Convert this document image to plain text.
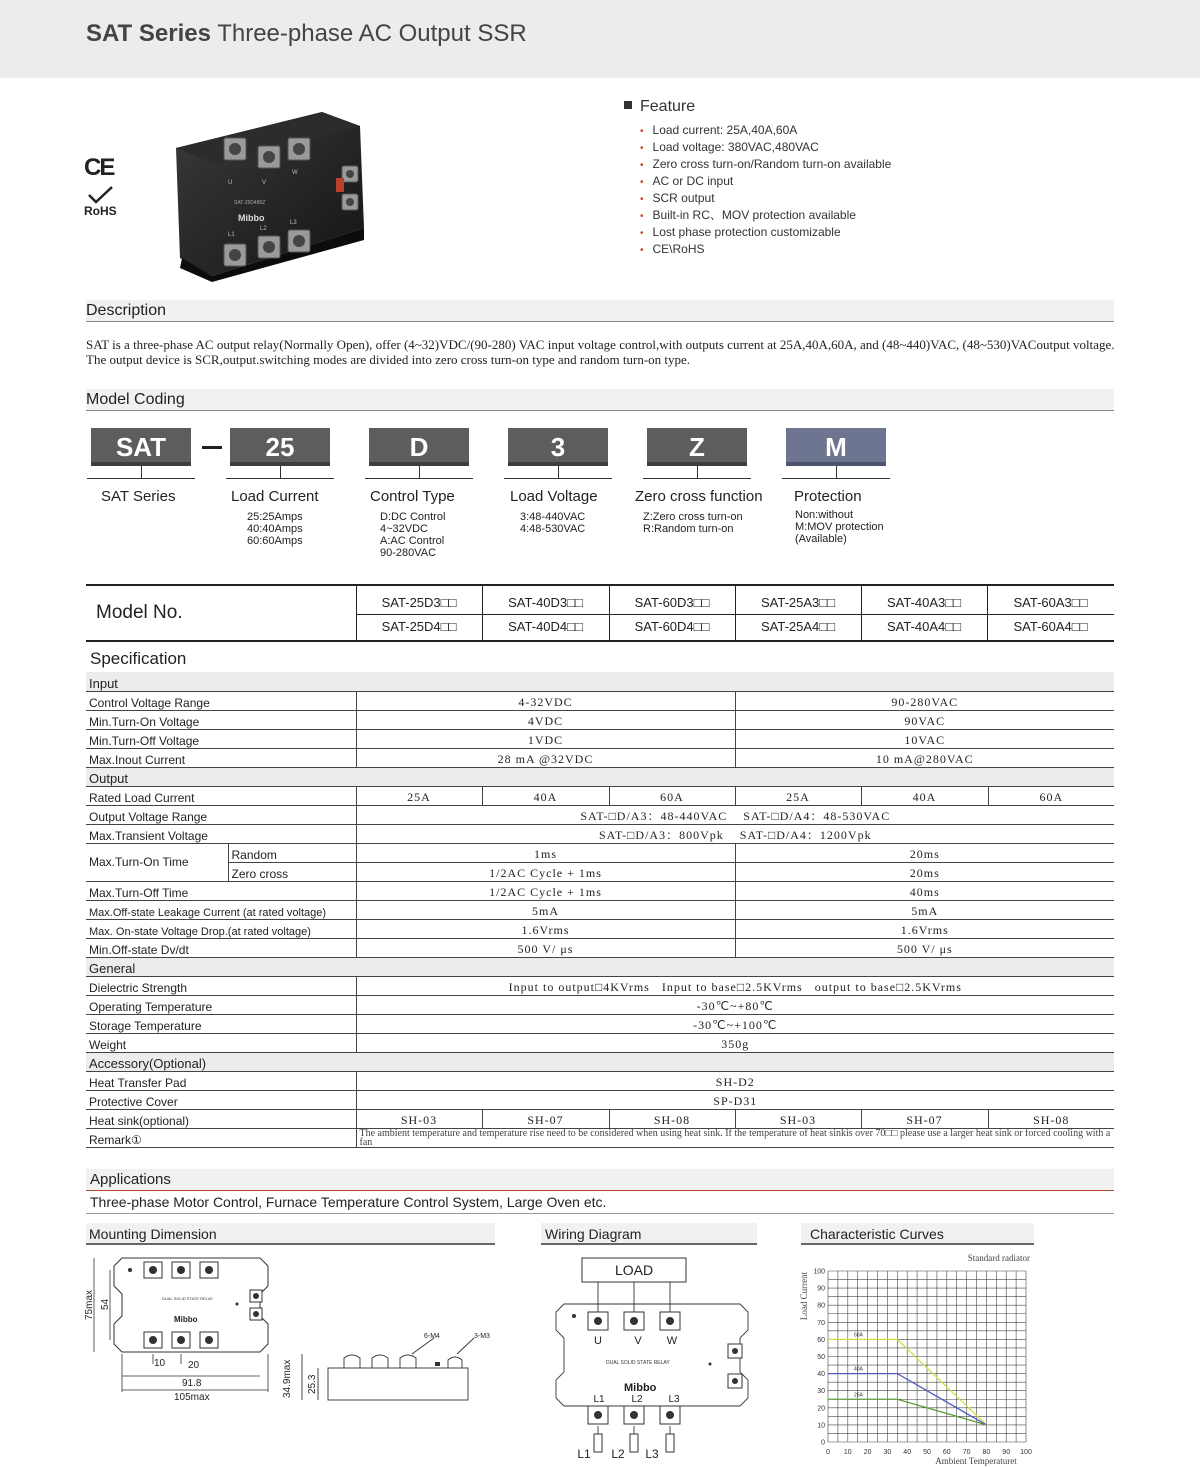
SAT Series Three-phase AC Output SSR
CE
RoHS
SAT-25D480Z
Mibbo
U	V
W
L1
L2
L3
Feature
• Load current: 25A,40A,60A
• Load voltage: 380VAC,480VAC
• Zero cross turn-on/Random turn-on available
• AC or DC input
• SCR output
• Built-in RC、MOV protection available
• Lost phase protection customizable
• CE\RoHS
Description
SAT is a three-phase AC output relay(Normally Open), offer (4~32)VDC/(90-280) VAC input voltage control,with outputs current at 25A,40A,60A, and (48~440)VAC, (48~530)VACoutput voltage. The output device is SCR,output.switching modes are divided into zero cross turn-on type and random turn-on type.
Model Coding
SAT
SAT Series
25
Load Current
25:25Amps
40:40Amps
60:60Amps
D
Control Type
D:DC Control
4~32VDC
A:AC Control
90-280VAC
3
Load Voltage
3:48-440VAC
4:48-530VAC
Z
Zero cross function
Z:Zero cross turn-on
R:Random turn-on
M
Protection
Non:without
M:MOV protection
(Available)
Model No.	SAT-25D3□□	SAT-40D3□□	SAT-60D3□□	SAT-25A3□□	SAT-40A3□□	SAT-60A3□□
SAT-25D4□□	SAT-40D4□□	SAT-60D4□□	SAT-25A4□□	SAT-40A4□□	SAT-60A4□□
Specification
Input							
Control Voltage Range		4-32VDC			90-280VAC		
Min.Turn-On Voltage		4VDC			90VAC		
Min.Turn-Off Voltage		1VDC			10VAC		
Max.Inout Current		28 mA @32VDC			10 mA@280VAC		
Output							
Rated Load Current		25A	40A	60A	25A	40A	60A
Output Voltage Range		SAT-□D/A3：48-440VAC SAT-□D/A4：48-530VAC					
Max.Transient Voltage		SAT-□D/A3：800Vpk SAT-□D/A4：1200Vpk					
Max.Turn-On Time	Random	1ms			20ms		
	Zero cross	1/2AC Cycle + 1ms			20ms		
Max.Turn-Off Time		1/2AC Cycle + 1ms			40ms		
Max.Off-state Leakage Current (at rated voltage)		5mA			5mA		
Max. On-state Voltage Drop.(at rated voltage)		1.6Vrms			1.6Vrms		
Min.Off-state Dv/dt		500 V/ μs			500 V/ μs		
General							
Dielectric Strength		Input to output□4KVrms   Input to base□2.5KVrms   output to base□2.5KVrms					
Operating Temperature		-30℃~+80℃					
Storage Temperature		-30℃~+100℃					
Weight		350g					
Accessory(Optional)							
Heat Transfer Pad		SH-D2					
Protective Cover		SP-D31					
Heat sink(optional)		SH-03	SH-07	SH-08	SH-03	SH-07	SH-08
Remark①		The ambient temperature and temperature rise need to be considered when using heat sink. If the temperature of heat sinkis over 70□□ please use a larger heat sink or forced cooling with a fan					
Applications
Three-phase Motor Control, Furnace Temperature Control System, Large Oven etc.
Mounting Dimension	Wiring Diagram	Characteristic Curves
DUAL SOLID STATE RELAY
Mibbo
75max 54
10 20
91.8
105max	34.9max 25.3
6-M4	3-M3
LOAD
U	V W
DUAL SOLID STATE RELAY
Mibbo
L1	L2	L3
L1 L2 L3
Standard radiator
Load Current
Ambient Temperaturet
0 10 20 30 40 50 60 70 80 90 100
0
10
20
30
40
50
60
70
80
90
100
60A
40A
25A
